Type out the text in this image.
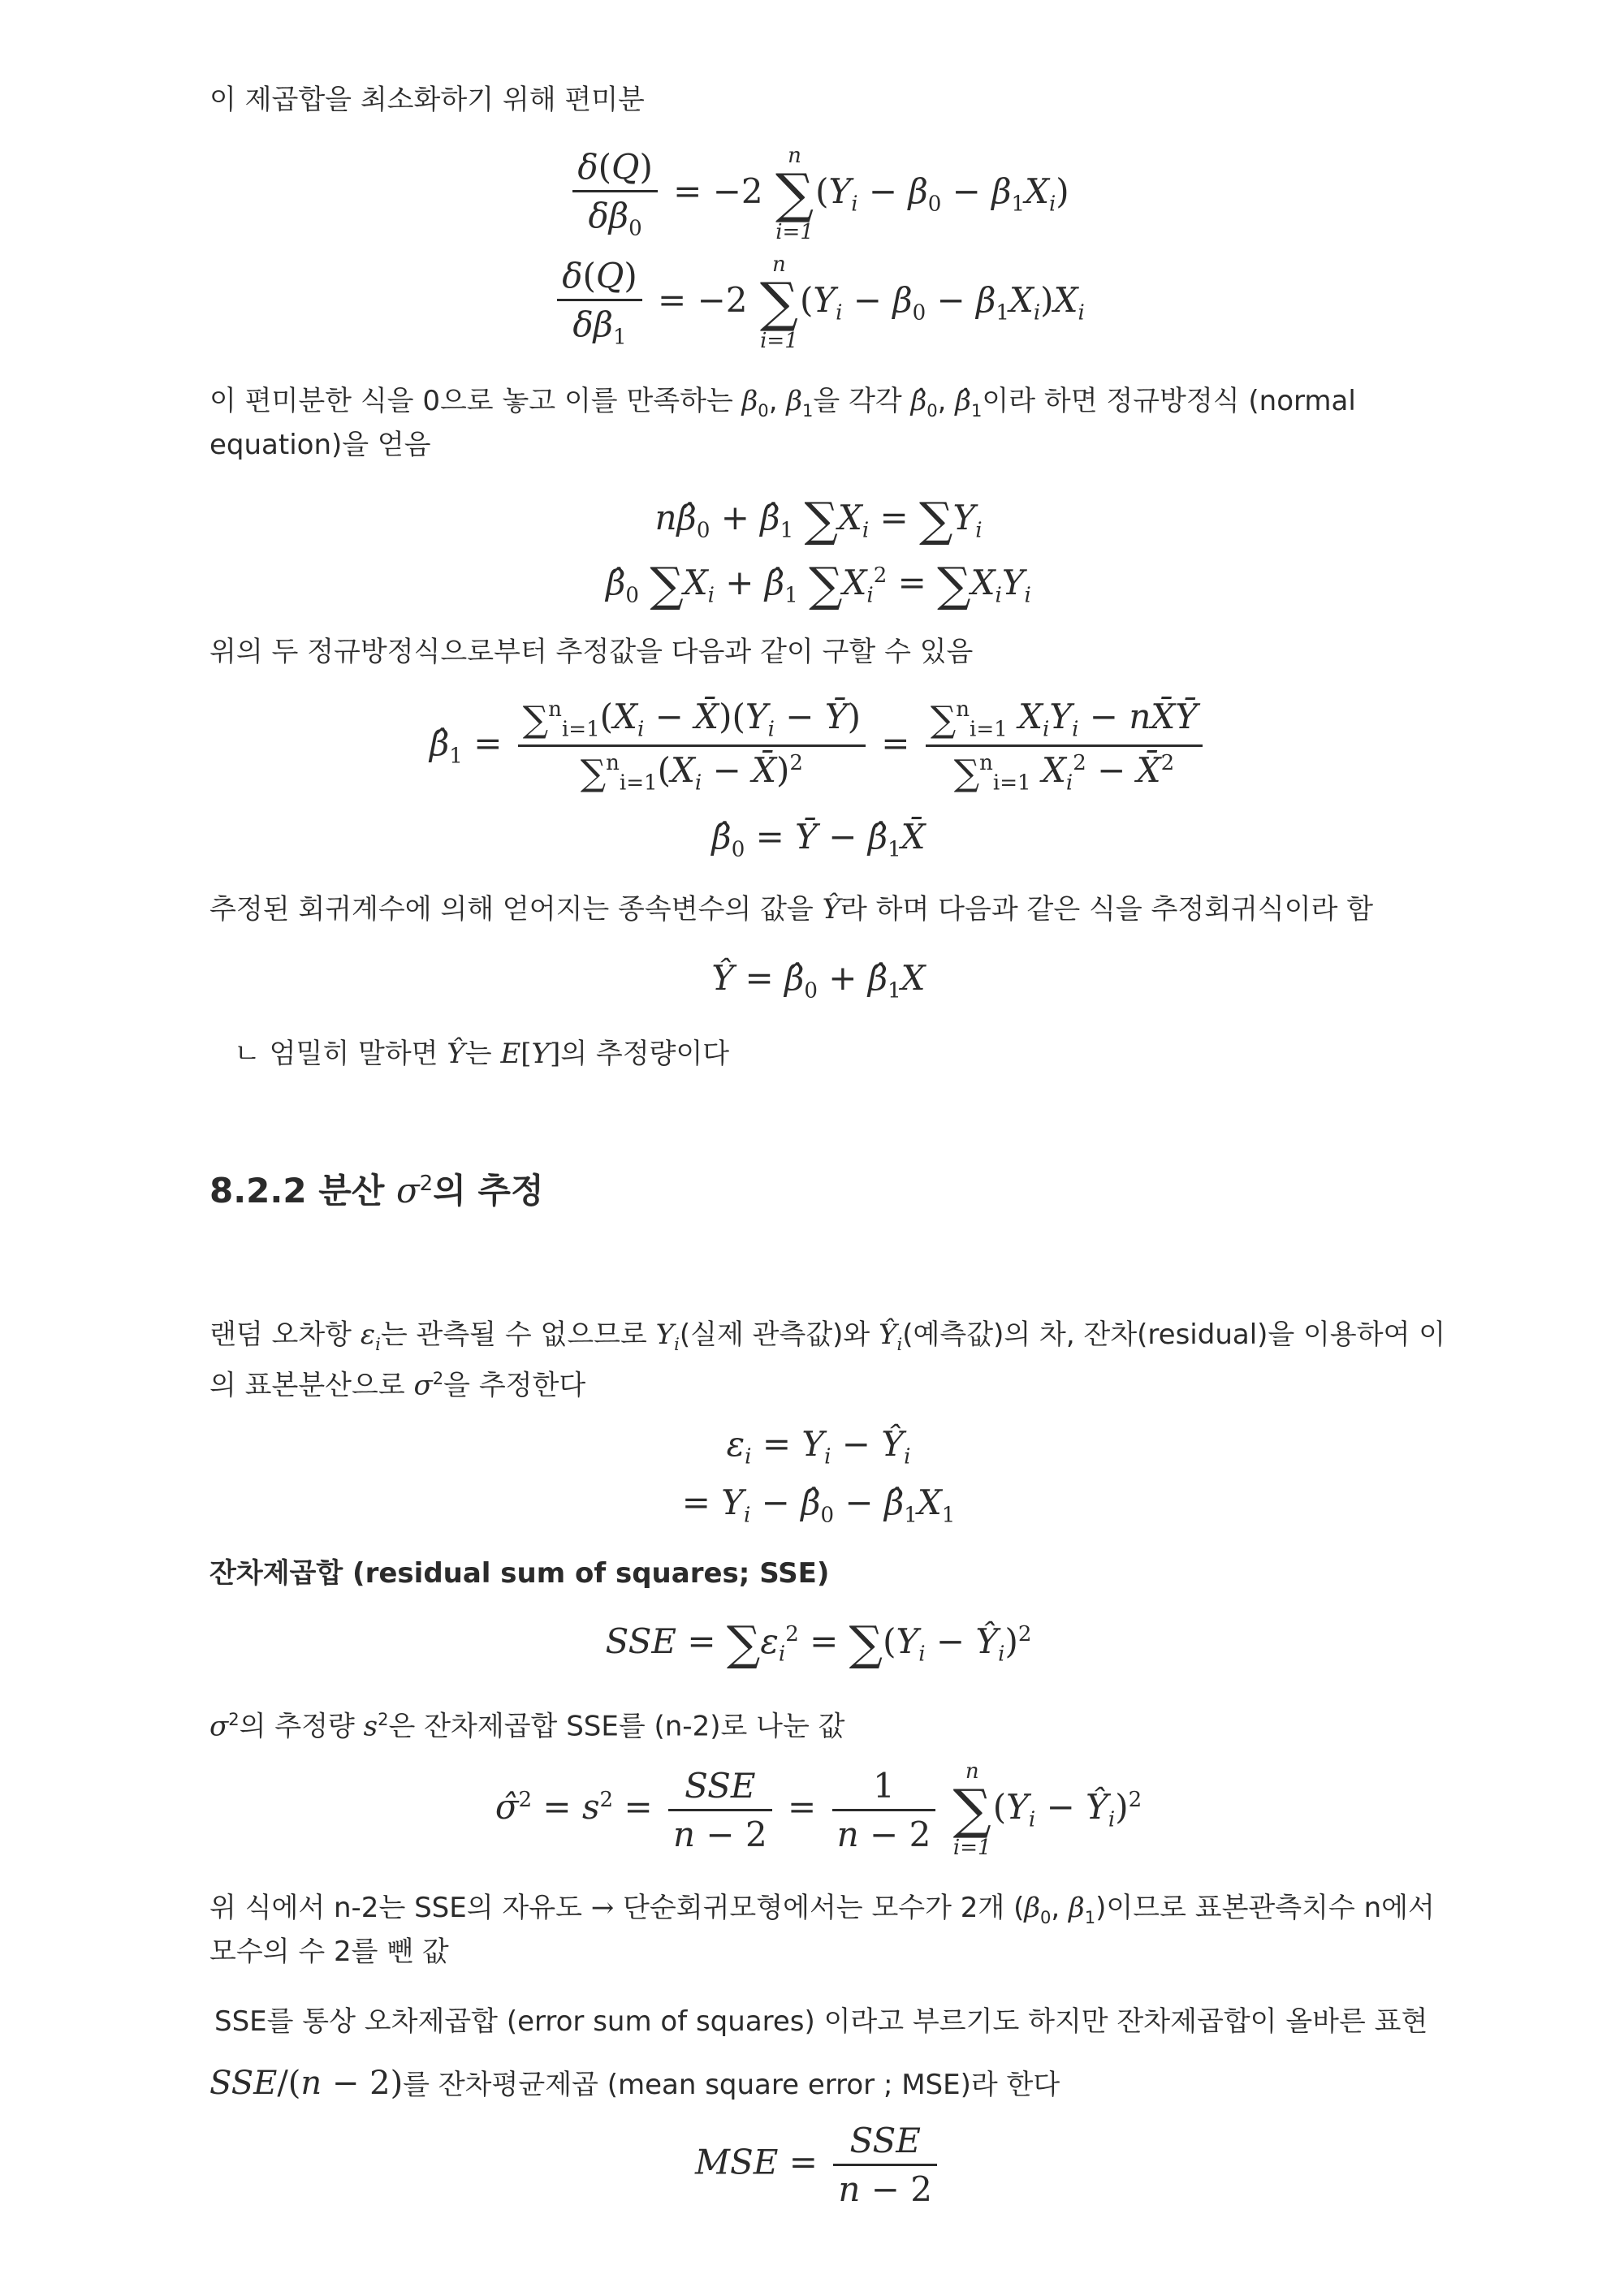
이 제곱합을 최소화하기 위해 편미분
$\frac{\delta(Q)}{\delta\beta_0} = -2$
n
∑
i=1
$(Y_i - \beta_0 - \beta_1X_i)$
$\frac{\delta(Q)}{\delta\beta_1} = -2$
n
∑
i=1
$(Y_i - \beta_0 - \beta_1X_i)X_i$
이 편미분한 식을 0으로 놓고 이를 만족하는 $\beta_0$, $\beta_1$을 각각 $\betâ_0$, $\betâ_1$이라 하면 정규방정식 (normal
equation)을 얻음
$n\betâ_0$ + $\betâ_1$ $\sum X_i = \sum Y_i$
$\betâ_0$ $\sum X_i$ + $\betâ_1$ $\sum X_i^2 = \sum X_iY_i$
위의 두 정규방정식으로부터 추정값을 다음과 같이 구할 수 있음
$\betâ_1 = \frac{\sum^n_{i=1}(X_i - X̄)(Y_i - Ȳ)}{\sum^n_{i=1}(X_i - X̄)^2} = \frac{\sum^n_{i=1} X_iY_i - nX̄Ȳ}{\sum^n_{i=1} X_i^2 - X̄^2}$
$\betâ_0$ = Ȳ − $\betâ_1X̄$
추정된 회귀계수에 의해 얻어지는 종속변수의 값을 Ŷ라 하며 다음과 같은 식을 추정회귀식이라 함
Ŷ = $\betâ_0$ + $\betâ_1X$
ㄴ 엄밀히 말하면 Ŷ는 E[Y]의 추정량이다
8.2.2 분산 $\sigma^2$의 추정
랜덤 오차항 $\varepsilon_i$는 관측될 수 없으므로 $Y_i$(실제 관측값)와 $Ŷ_i$(예측값)의 차, 잔차(residual)을 이용하여 이
의 표본분산으로 $\sigma^2$을 추정한다
$\varepsilon_i = Y_i$ − $Ŷ_i$
= $Y_i$ − $\betâ_0$ − $\betâ_1X_1$
잔차제곱합 (residual sum of squares; SSE)
SSE = $\sum\varepsilon_i^2 = \sum(Y_i$ − $Ŷ_i)^2$
$\sigma^2$의 추정량 $s^2$은 잔차제곱합 SSE를 (n-2)로 나눈 값
σ̂$^2$ = $s^2 = \frac{\text{SSE}}{n - 2} = \frac{1}{n - 2}$
	n
∑
i=1
($Y_i$ − $Ŷ_i)^2$
위 식에서 n-2는 SSE의 자유도 → 단순회귀모형에서는 모수가 2개 ($\beta_0$, $\beta_1$)이므로 표본관측치수 n에서
모수의 수 2를 뺀 값
SSE를 통상 오차제곱합 (error sum of squares) 이라고 부르기도 하지만 잔차제곱합이 올바른 표현
SSE/(n − 2)를 잔차평균제곱 (mean square error ; MSE)라 한다
MSE = $\frac{\text{SSE}}{n - 2}$
